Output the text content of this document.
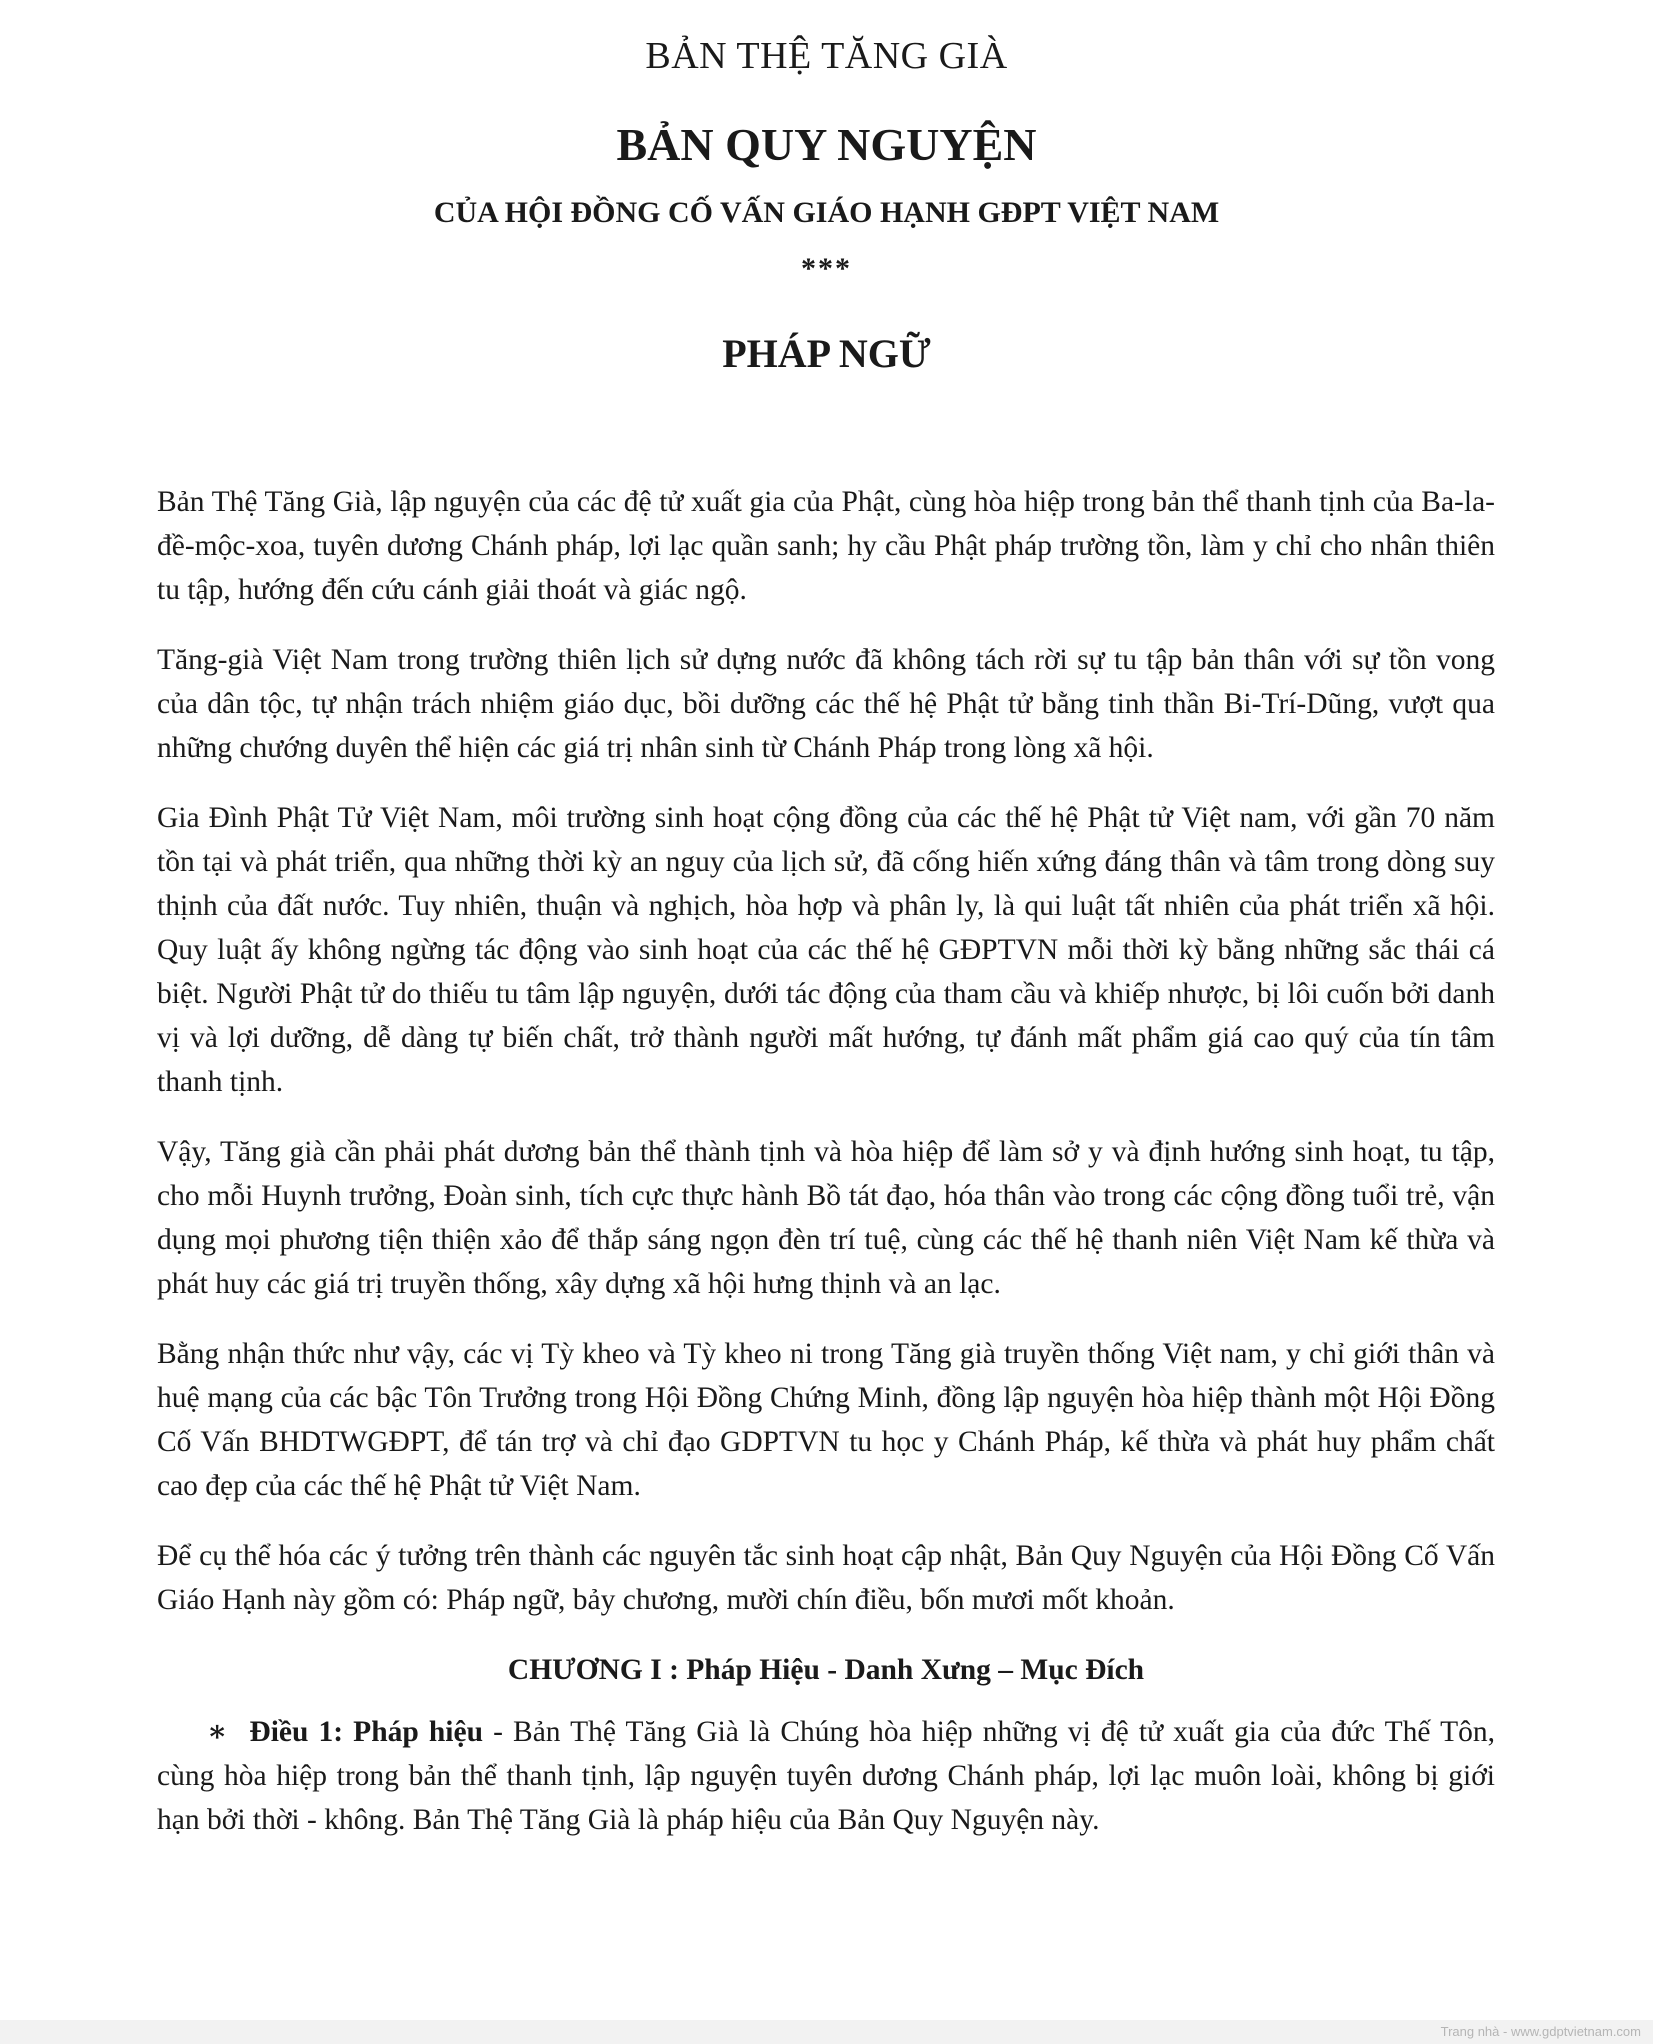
BẢN THỆ TĂNG GIÀ
BẢN QUY NGUYỆN
CỦA HỘI ĐỒNG CỐ VẤN GIÁO HẠNH GĐPT VIỆT NAM
***
PHÁP NGỮ

Bản Thệ Tăng Già, lập nguyện của các đệ tử xuất gia của Phật, cùng hòa hiệp trong bản thể thanh tịnh của Ba-la-đề-mộc-xoa, tuyên dương Chánh pháp, lợi lạc quần sanh; hy cầu Phật pháp trường tồn, làm y chỉ cho nhân thiên tu tập, hướng đến cứu cánh giải thoát và giác ngộ.

Tăng-già Việt Nam trong trường thiên lịch sử dựng nước đã không tách rời sự tu tập bản thân với sự tồn vong của dân tộc, tự nhận trách nhiệm giáo dục, bồi dưỡng các thế hệ Phật tử bằng tinh thần Bi-Trí-Dũng, vượt qua những chướng duyên thể hiện các giá trị nhân sinh từ Chánh Pháp trong lòng xã hội.

Gia Đình Phật Tử Việt Nam, môi trường sinh hoạt cộng đồng của các thế hệ Phật tử Việt nam, với gần 70 năm tồn tại và phát triển, qua những thời kỳ an nguy của lịch sử, đã cống hiến xứng đáng thân và tâm trong dòng suy thịnh của đất nước. Tuy nhiên, thuận và nghịch, hòa hợp và phân ly, là qui luật tất nhiên của phát triển xã hội. Quy luật ấy không ngừng tác động vào sinh hoạt của các thế hệ GĐPTVN mỗi thời kỳ bằng những sắc thái cá biệt. Người Phật tử do thiếu tu tâm lập nguyện, dưới tác động của tham cầu và khiếp nhược, bị lôi cuốn bởi danh vị và lợi dưỡng, dễ dàng tự biến chất, trở thành người mất hướng, tự đánh mất phẩm giá cao quý của tín tâm thanh tịnh.

Vậy, Tăng già cần phải phát dương bản thể thành tịnh và hòa hiệp để làm sở y và định hướng sinh hoạt, tu tập, cho mỗi Huynh trưởng, Đoàn sinh, tích cực thực hành Bồ tát đạo, hóa thân vào trong các cộng đồng tuổi trẻ, vận dụng mọi phương tiện thiện xảo để thắp sáng ngọn đèn trí tuệ, cùng các thế hệ thanh niên Việt Nam kế thừa và phát huy các giá trị truyền thống, xây dựng xã hội hưng thịnh và an lạc.

Bằng nhận thức như vậy, các vị Tỳ kheo và Tỳ kheo ni trong Tăng già truyền thống Việt nam, y chỉ giới thân và huệ mạng của các bậc Tôn Trưởng trong Hội Đồng Chứng Minh, đồng lập nguyện hòa hiệp thành một Hội Đồng Cố Vấn BHDTWGĐPT, để tán trợ và chỉ đạo GDPTVN tu học y Chánh Pháp, kế thừa và phát huy phẩm chất cao đẹp của các thế hệ Phật tử Việt Nam.

Để cụ thể hóa các ý tưởng trên thành các nguyên tắc sinh hoạt cập nhật, Bản Quy Nguyện của Hội Đồng Cố Vấn Giáo Hạnh này gồm có: Pháp ngữ, bảy chương, mười chín điều, bốn mươi mốt khoản.

CHƯƠNG I : Pháp Hiệu - Danh Xưng – Mục Đích

∗ Điều 1: Pháp hiệu - Bản Thệ Tăng Già là Chúng hòa hiệp những vị đệ tử xuất gia của đức Thế Tôn, cùng hòa hiệp trong bản thể thanh tịnh, lập nguyện tuyên dương Chánh pháp, lợi lạc muôn loài, không bị giới hạn bởi thời - không. Bản Thệ Tăng Già là pháp hiệu của Bản Quy Nguyện này.

Trang nhà - www.gdptvietnam.com
